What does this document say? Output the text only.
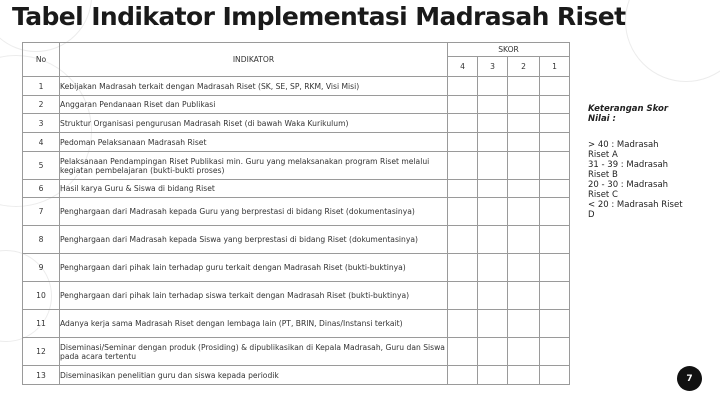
Tabel Indikator Implementasi Madrasah Riset
No	INDIKATOR	SKOR			
		4	3	2	1
1	Kebijakan Madrasah terkait dengan Madrasah Riset (SK, SE, SP, RKM, Visi Misi)				
2	Anggaran Pendanaan Riset dan Publikasi				
3	Struktur Organisasi pengurusan Madrasah Riset (di bawah Waka Kurikulum)				
4	Pedoman Pelaksanaan Madrasah Riset				
5	Pelaksanaan Pendampingan Riset Publikasi min. Guru yang melaksanakan program Riset melalui kegiatan pembelajaran (bukti-bukti proses)				
6	Hasil karya Guru & Siswa di bidang Riset				
7	Penghargaan dari Madrasah kepada Guru yang berprestasi di bidang Riset (dokumentasinya)				
8	Penghargaan dari Madrasah kepada Siswa yang berprestasi di bidang Riset (dokumentasinya)				
9	Penghargaan dari pihak lain terhadap guru terkait dengan Madrasah Riset (bukti-buktinya)				
10	Penghargaan dari pihak lain terhadap siswa terkait dengan Madrasah Riset (bukti-buktinya)				
11	Adanya kerja sama Madrasah Riset dengan lembaga lain (PT, BRIN, Dinas/Instansi terkait)				
12	Diseminasi/Seminar dengan produk (Prosiding) & dipublikasikan di Kepala Madrasah, Guru dan Siswa pada acara tertentu				
13	Diseminasikan penelitian guru dan siswa kepada periodik				
Keterangan Skor
Nilai :
> 40 : Madrasah
Riset A
31 - 39 : Madrasah
Riset B
20 - 30 : Madrasah
Riset C
< 20 : Madrasah Riset
D
7
